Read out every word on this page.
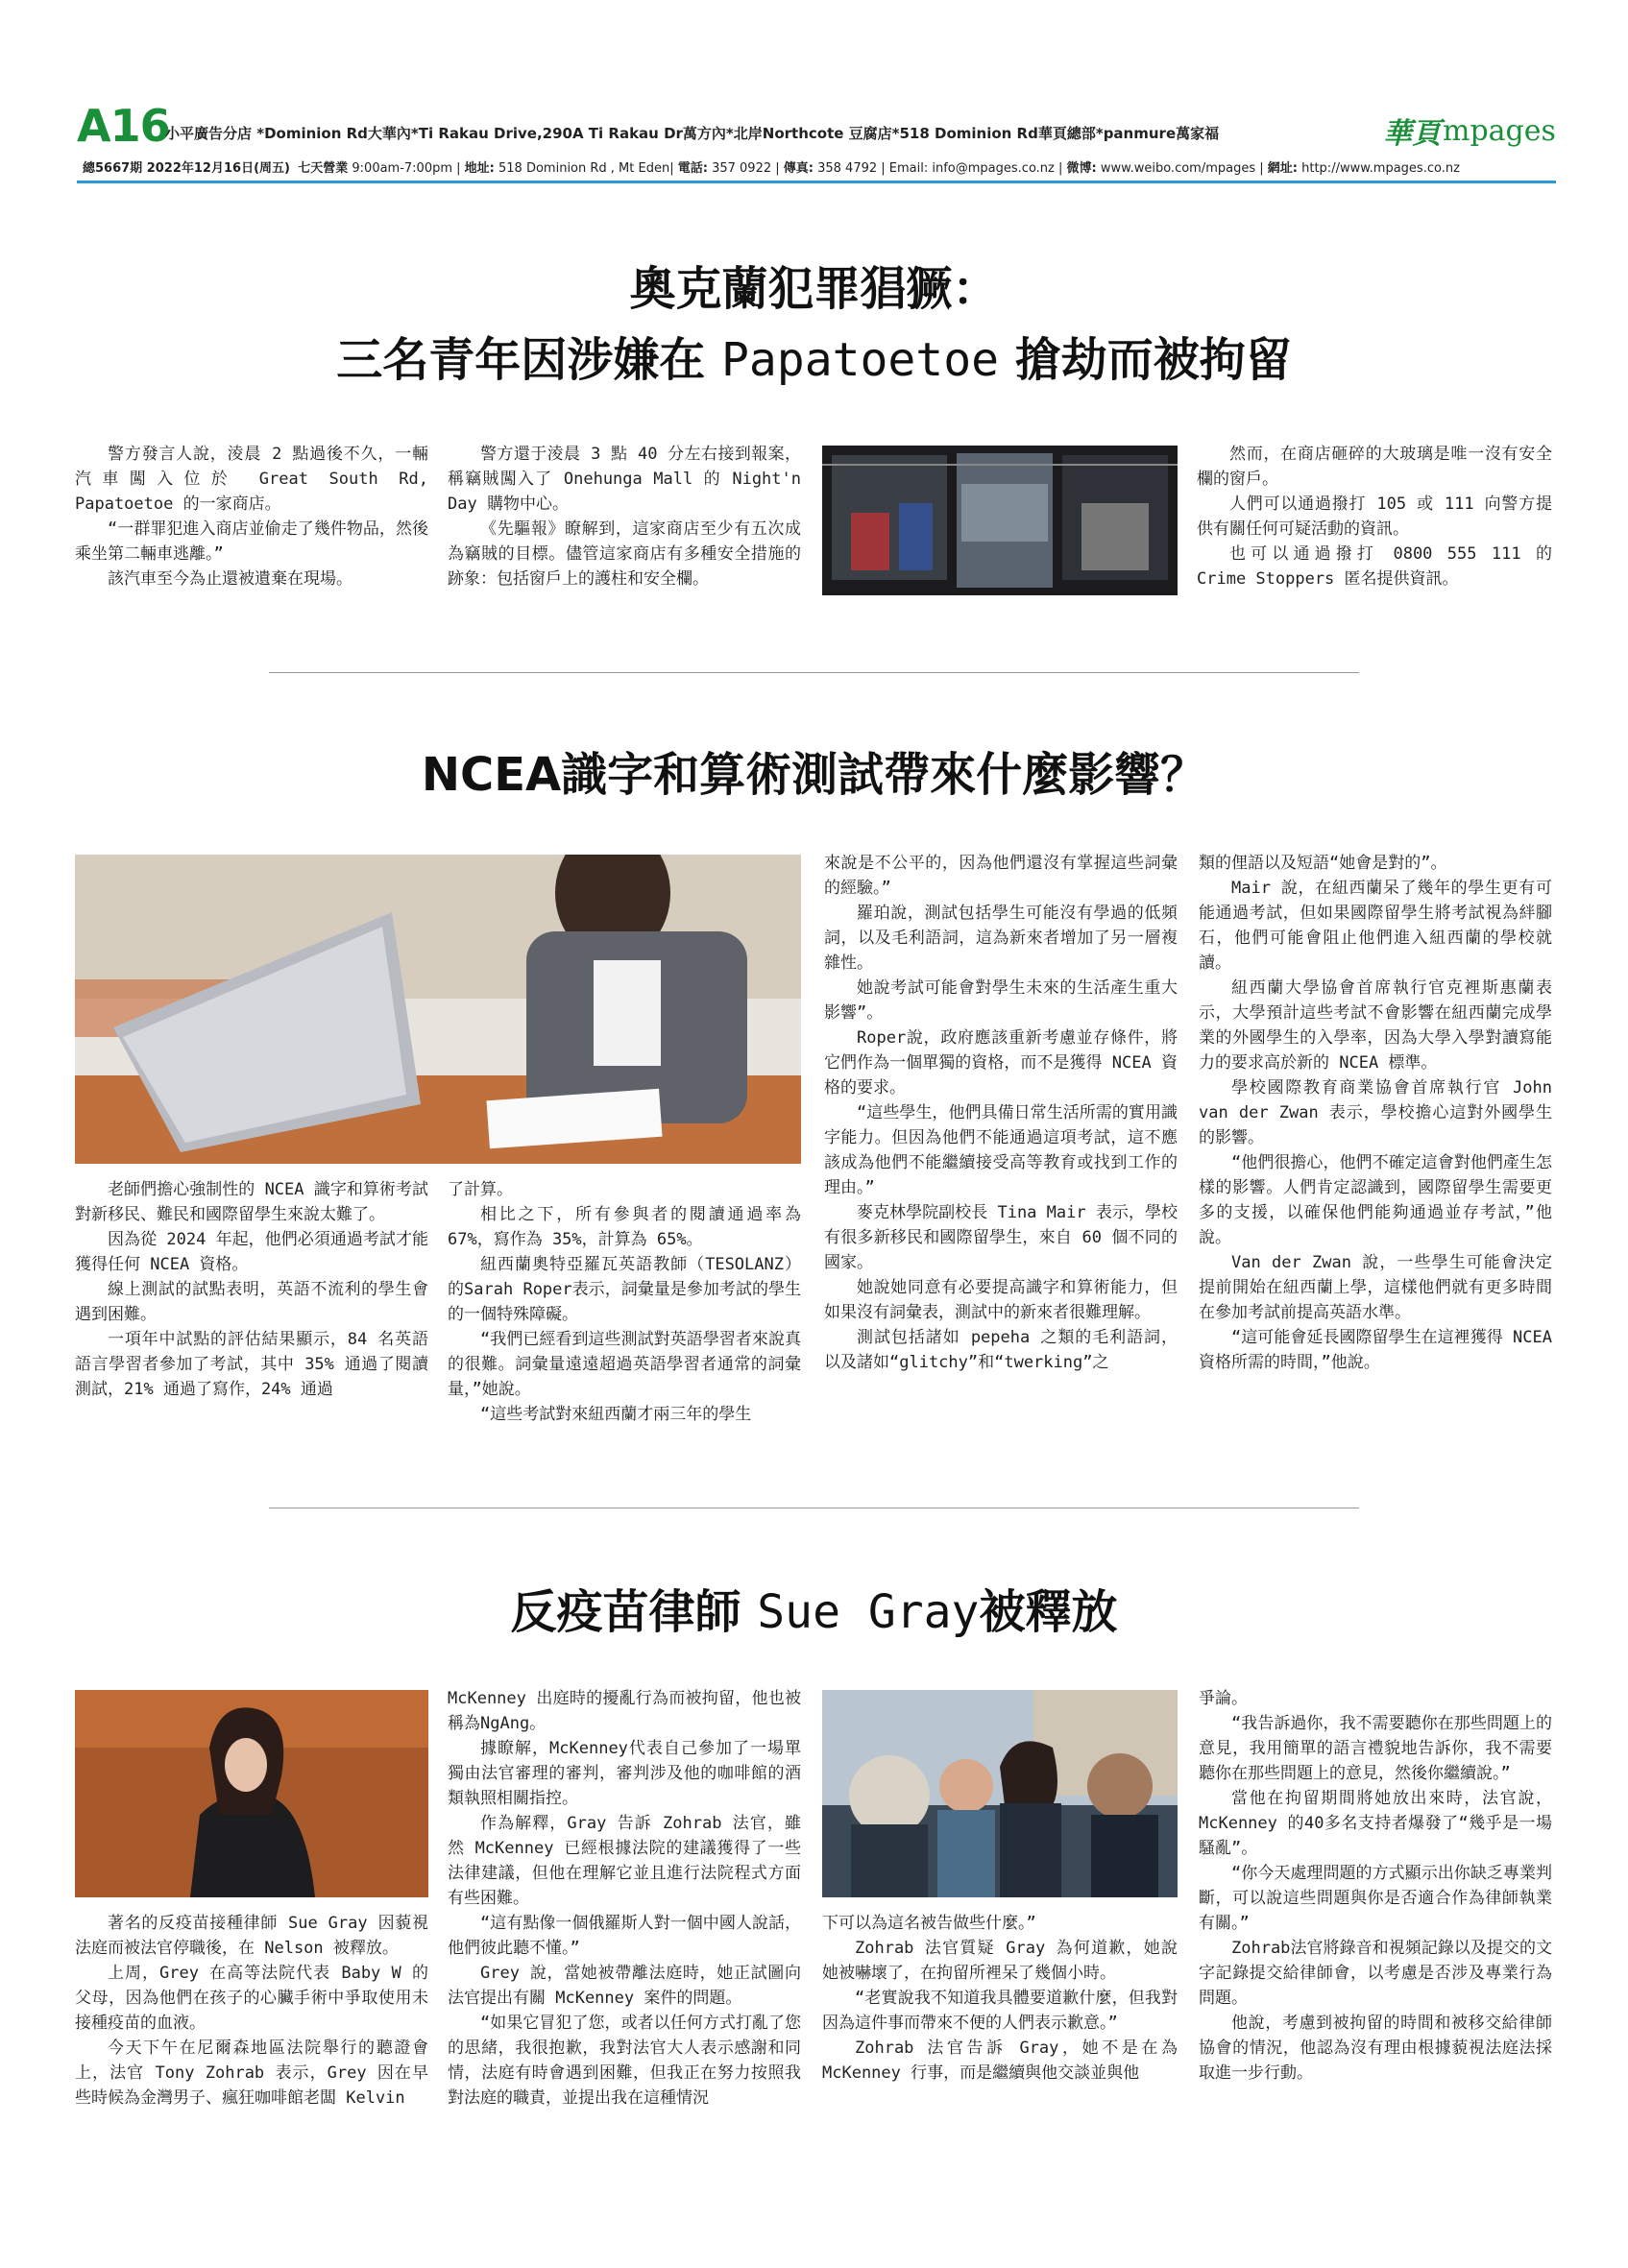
A16
小平廣告分店 *Dominion Rd大華內*Ti Rakau Drive,290A Ti Rakau Dr萬方內*北岸Northcote 豆腐店*518 Dominion Rd華頁總部*panmure萬家福	華頁mpages
總5667期 2022年12月16日(周五) 七天營業 9:00am-7:00pm | 地址: 518 Dominion Rd , Mt Eden| 電話: 357 0922 | 傳真: 358 4792 | Email: info@mpages.co.nz | 微博: www.weibo.com/mpages | 網址: http://www.mpages.co.nz
奧克蘭犯罪猖獗：
三名青年因涉嫌在 Papatoetoe 搶劫而被拘留

警方發言人說，淩晨 2 點過後不久，一輛汽車闖入位於 Great South Rd, Papatoetoe 的一家商店。

“一群罪犯進入商店並偷走了幾件物品，然後乘坐第二輛車逃離。”

該汽車至今為止還被遺棄在現場。

警方還于淩晨 3 點 40 分左右接到報案，稱竊賊闖入了 Onehunga Mall 的 Night'n Day 購物中心。

《先驅報》瞭解到，這家商店至少有五次成為竊賊的目標。儘管這家商店有多種安全措施的跡象：包括窗戶上的護柱和安全欄。

然而，在商店砸碎的大玻璃是唯一沒有安全欄的窗戶。

人們可以通過撥打 105 或 111 向警方提供有關任何可疑活動的資訊。

也可以通過撥打 0800 555 111 的 Crime Stoppers 匿名提供資訊。

NCEA識字和算術測試帶來什麼影響？

老師們擔心強制性的 NCEA 識字和算術考試對新移民、難民和國際留學生來說太難了。

因為從 2024 年起，他們必須通過考試才能獲得任何 NCEA 資格。

線上測試的試點表明，英語不流利的學生會遇到困難。

一項年中試點的評估結果顯示，84 名英語語言學習者參加了考試，其中 35% 通過了閱讀測試，21% 通過了寫作，24% 通過

了計算。

相比之下，所有參與者的閱讀通過率為 67%，寫作為 35%，計算為 65%。

紐西蘭奧特亞羅瓦英語教師（TESOLANZ）的Sarah Roper表示，詞彙量是參加考試的學生的一個特殊障礙。

“我們已經看到這些測試對英語學習者來說真的很難。詞彙量遠遠超過英語學習者通常的詞彙量，”她說。

“這些考試對來紐西蘭才兩三年的學生

來說是不公平的，因為他們還沒有掌握這些詞彙的經驗。”

羅珀說，測試包括學生可能沒有學過的低頻詞，以及毛利語詞，這為新來者增加了另一層複雜性。

她說考試可能會對學生未來的生活產生重大影響”。

Roper說，政府應該重新考慮並存條件，將它們作為一個單獨的資格，而不是獲得 NCEA 資格的要求。

“這些學生，他們具備日常生活所需的實用識字能力。但因為他們不能通過這項考試，這不應該成為他們不能繼續接受高等教育或找到工作的理由。”

麥克林學院副校長 Tina Mair 表示，學校有很多新移民和國際留學生，來自 60 個不同的國家。

她說她同意有必要提高識字和算術能力，但如果沒有詞彙表，測試中的新來者很難理解。

測試包括諸如 pepeha 之類的毛利語詞，以及諸如“glitchy”和“twerking”之

類的俚語以及短語“她會是對的”。

Mair 說，在紐西蘭呆了幾年的學生更有可能通過考試，但如果國際留學生將考試視為絆腳石，他們可能會阻止他們進入紐西蘭的學校就讀。

紐西蘭大學協會首席執行官克裡斯惠蘭表示，大學預計這些考試不會影響在紐西蘭完成學業的外國學生的入學率，因為大學入學對讀寫能力的要求高於新的 NCEA 標準。

學校國際教育商業協會首席執行官 John van der Zwan 表示，學校擔心這對外國學生的影響。

“他們很擔心，他們不確定這會對他們產生怎樣的影響。人們肯定認識到，國際留學生需要更多的支援，以確保他們能夠通過並存考試，”他說。

Van der Zwan 說，一些學生可能會決定提前開始在紐西蘭上學，這樣他們就有更多時間在參加考試前提高英語水準。

“這可能會延長國際留學生在這裡獲得 NCEA 資格所需的時間，”他說。

反疫苗律師 Sue Gray被釋放

著名的反疫苗接種律師 Sue Gray 因藐視法庭而被法官停職後，在 Nelson 被釋放。

上周，Grey 在高等法院代表 Baby W 的父母，因為他們在孩子的心臟手術中爭取使用未接種疫苗的血液。

今天下午在尼爾森地區法院舉行的聽證會上，法官 Tony Zohrab 表示，Grey 因在早些時候為金灣男子、瘋狂咖啡館老闆 Kelvin

McKenney 出庭時的擾亂行為而被拘留，他也被稱為NgAng。

據瞭解，McKenney代表自己參加了一場單獨由法官審理的審判，審判涉及他的咖啡館的酒類執照相關指控。

作為解釋，Gray 告訴 Zohrab 法官，雖然 McKenney 已經根據法院的建議獲得了一些法律建議，但他在理解它並且進行法院程式方面有些困難。

“這有點像一個俄羅斯人對一個中國人說話，他們彼此聽不懂。”

Grey 說，當她被帶離法庭時，她正試圖向法官提出有關 McKenney 案件的問題。

“如果它冒犯了您，或者以任何方式打亂了您的思緒，我很抱歉，我對法官大人表示感謝和同情，法庭有時會遇到困難，但我正在努力按照我對法庭的職責，並提出我在這種情況

下可以為這名被告做些什麼。”

Zohrab 法官質疑 Gray 為何道歉，她說她被嚇壞了，在拘留所裡呆了幾個小時。

“老實說我不知道我具體要道歉什麼，但我對因為這件事而帶來不便的人們表示歉意。”

Zohrab 法官告訴 Gray，她不是在為 McKenney 行事，而是繼續與他交談並與他

爭論。

“我告訴過你，我不需要聽你在那些問題上的意見，我用簡單的語言禮貌地告訴你，我不需要聽你在那些問題上的意見，然後你繼續說。”

當他在拘留期間將她放出來時，法官說，McKenney 的40多名支持者爆發了“幾乎是一場騷亂”。

“你今天處理問題的方式顯示出你缺乏專業判斷，可以說這些問題與你是否適合作為律師執業有關。”

Zohrab法官將錄音和視頻記錄以及提交的文字記錄提交給律師會，以考慮是否涉及專業行為問題。

他說，考慮到被拘留的時間和被移交給律師協會的情況，他認為沒有理由根據藐視法庭法採取進一步行動。
